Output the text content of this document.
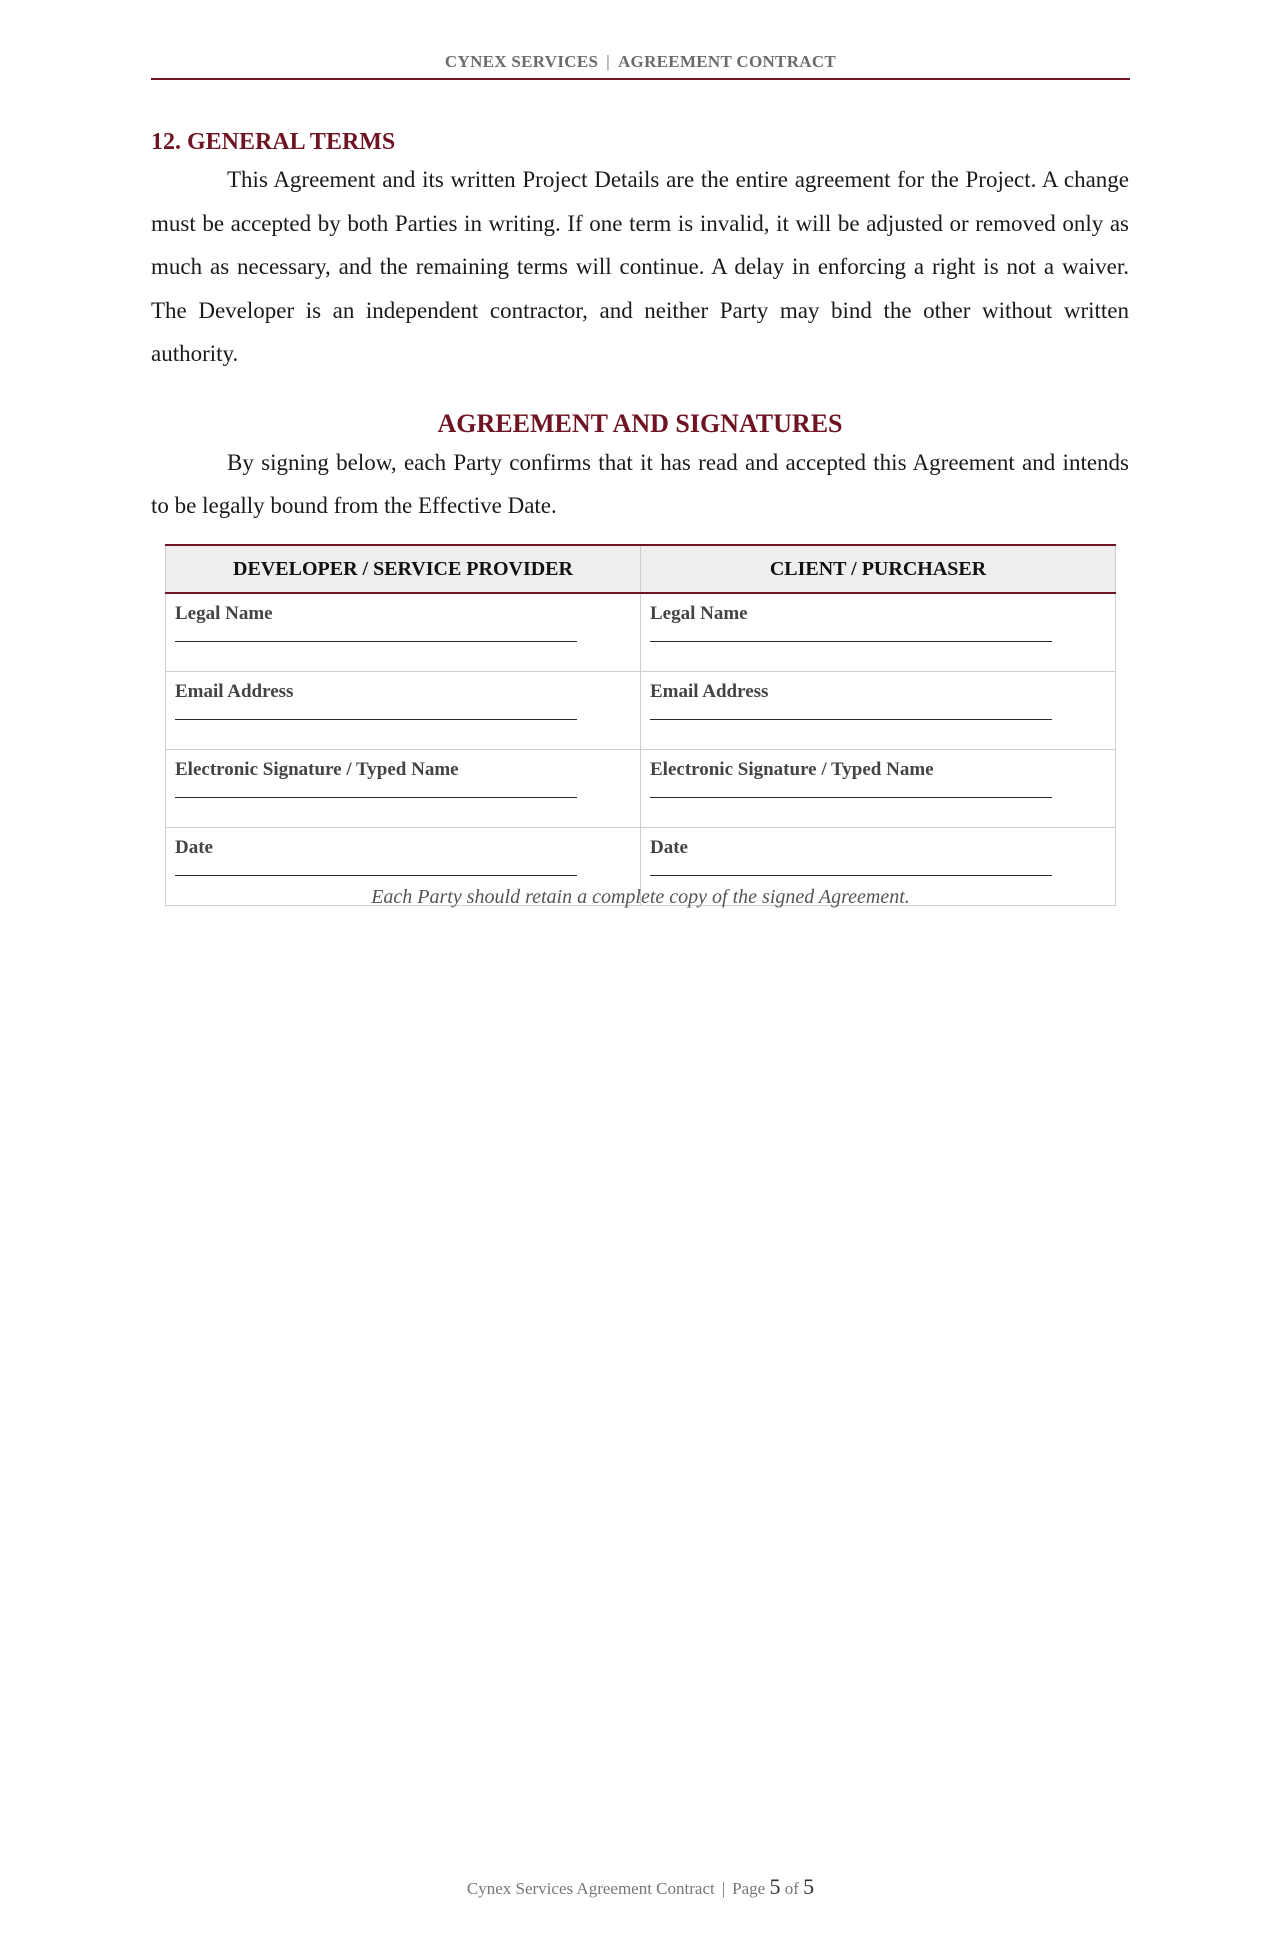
CYNEX SERVICES | AGREEMENT CONTRACT
12. GENERAL TERMS

This Agreement and its written Project Details are the entire agreement for the Project. A change must be accepted by both Parties in writing. If one term is invalid, it will be adjusted or removed only as much as necessary, and the remaining terms will continue. A delay in enforcing a right is not a waiver. The Developer is an independent contractor, and neither Party may bind the other without written authority.

AGREEMENT AND SIGNATURES

By signing below, each Party confirms that it has read and accepted this Agreement and intends to be legally bound from the Effective Date.

DEVELOPER / SERVICE PROVIDER	CLIENT / PURCHASER

Legal Name	Legal Name

Email Address	Email Address

Electronic Signature / Typed Name	Electronic Signature / Typed Name

Date	Date
Each Party should retain a complete copy of the signed Agreement.
Cynex Services Agreement Contract | Page 5 of 5
